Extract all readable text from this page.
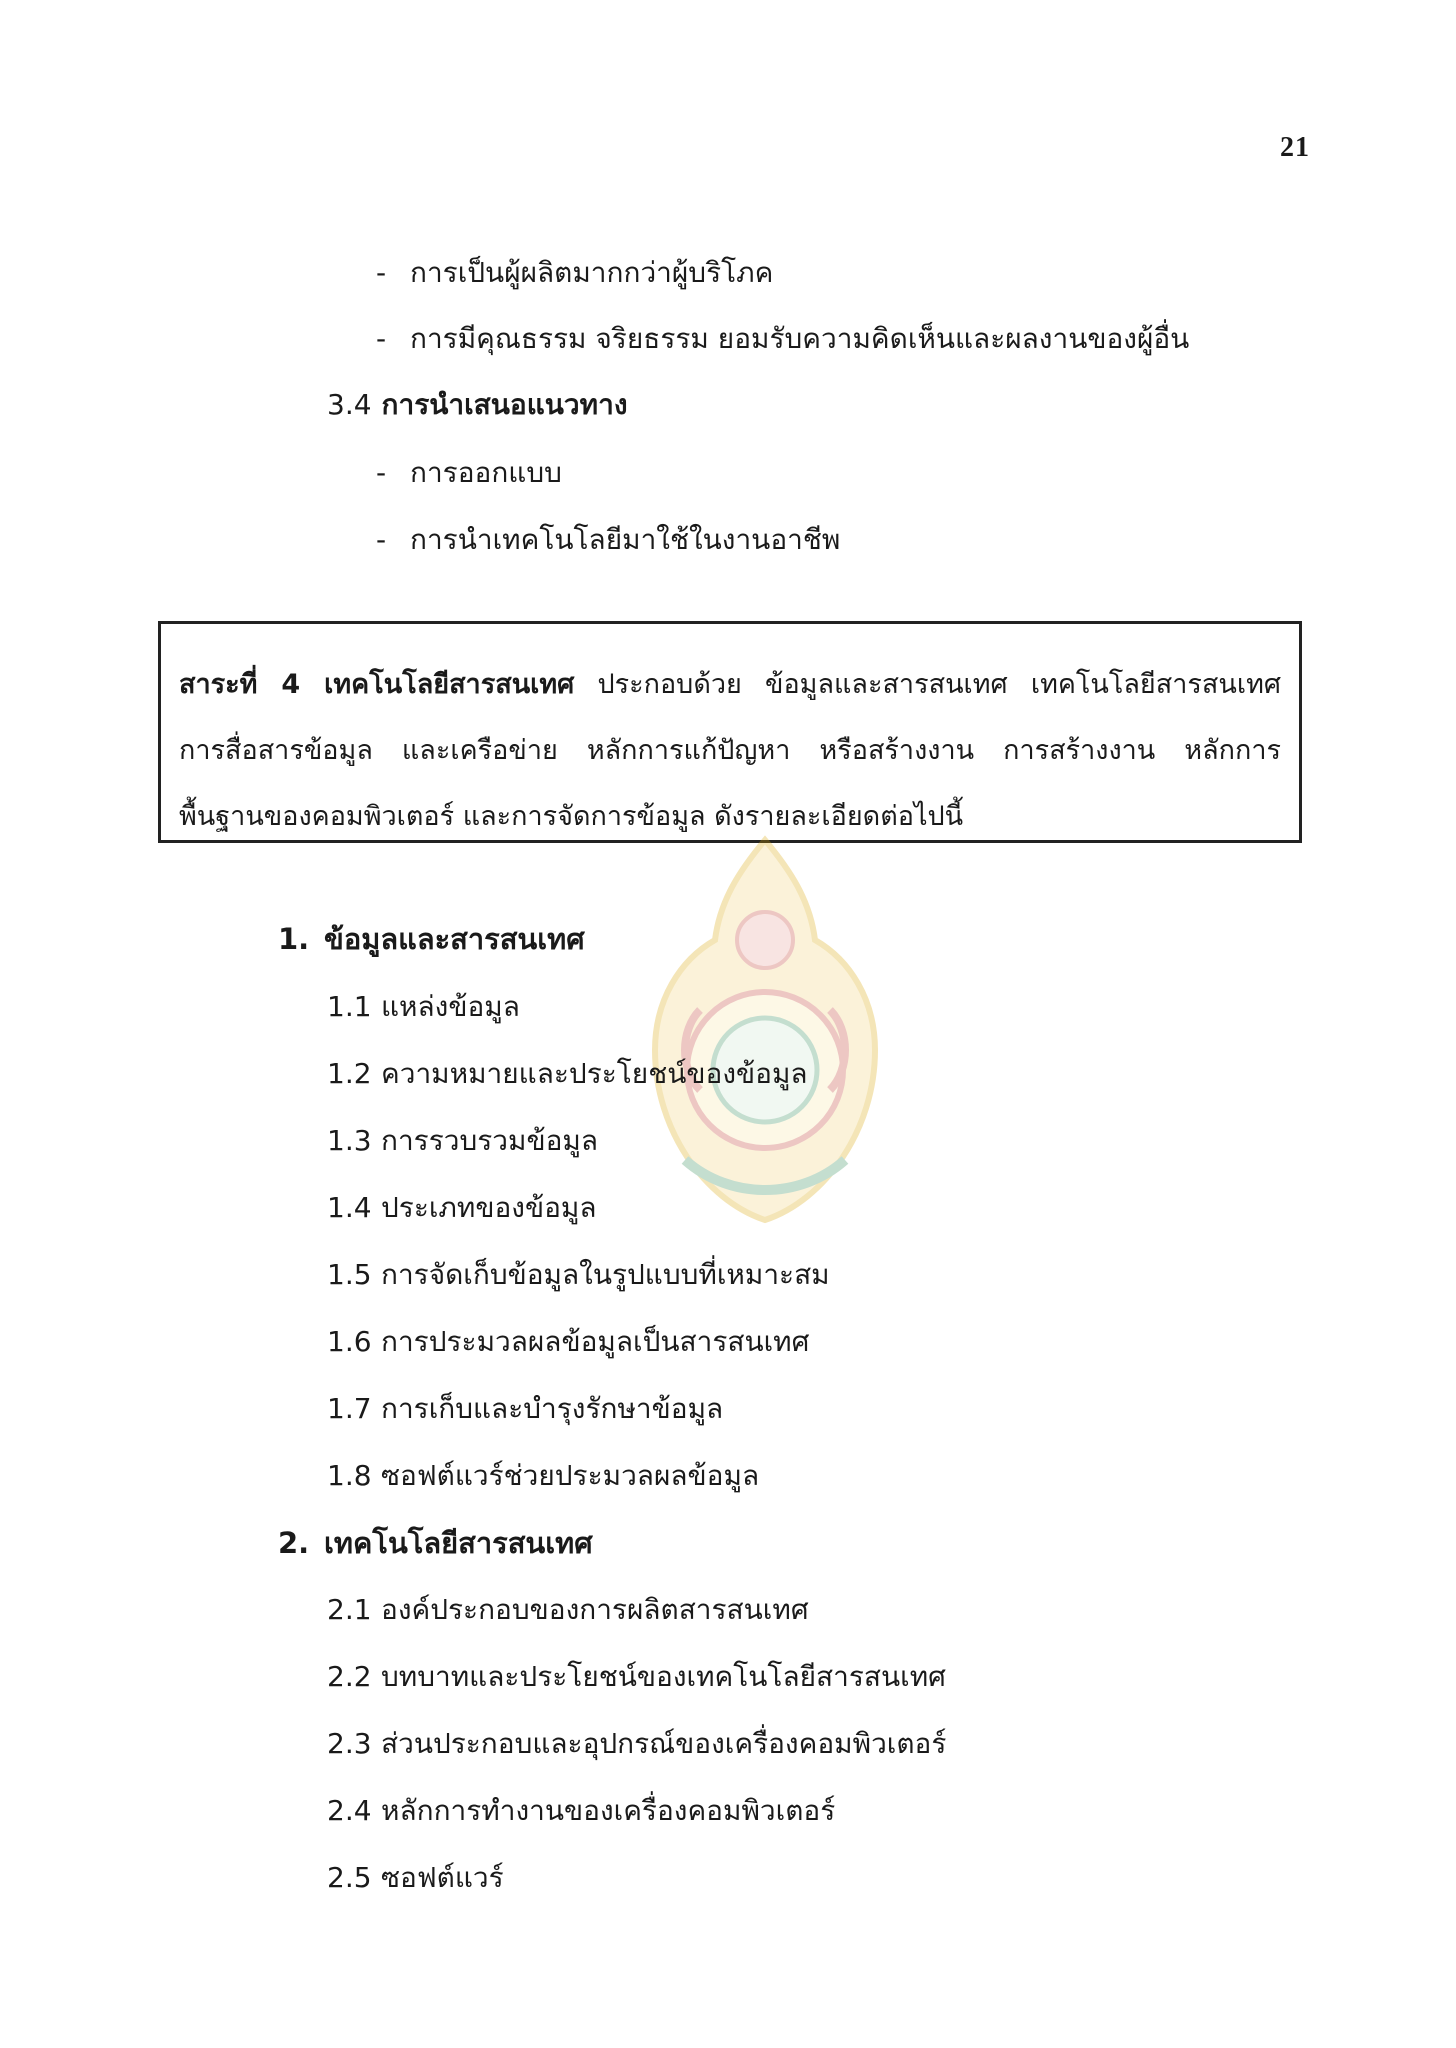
21
- การเป็นผู้ผลิตมากกว่าผู้บริโภค
- การมีคุณธรรม จริยธรรม ยอมรับความคิดเห็นและผลงานของผู้อื่น
3.4 การนำเสนอแนวทาง
- การออกแบบ
- การนำเทคโนโลยีมาใช้ในงานอาชีพ
สาระที่ 4 เทคโนโลยีสารสนเทศ ประกอบด้วย ข้อมูลและสารสนเทศ เทคโนโลยีสารสนเทศ
การสื่อสารข้อมูล และเครือข่าย หลักการแก้ปัญหา หรือสร้างงาน การสร้างงาน หลักการ
พื้นฐานของคอมพิวเตอร์ และการจัดการข้อมูล ดังรายละเอียดต่อไปนี้
1. ข้อมูลและสารสนเทศ
1.1 แหล่งข้อมูล
1.2 ความหมายและประโยชน์ของข้อมูล
1.3 การรวบรวมข้อมูล
1.4 ประเภทของข้อมูล
1.5 การจัดเก็บข้อมูลในรูปแบบที่เหมาะสม
1.6 การประมวลผลข้อมูลเป็นสารสนเทศ
1.7 การเก็บและบำรุงรักษาข้อมูล
1.8 ซอฟต์แวร์ช่วยประมวลผลข้อมูล
2. เทคโนโลยีสารสนเทศ
2.1 องค์ประกอบของการผลิตสารสนเทศ
2.2 บทบาทและประโยชน์ของเทคโนโลยีสารสนเทศ
2.3 ส่วนประกอบและอุปกรณ์ของเครื่องคอมพิวเตอร์
2.4 หลักการทำงานของเครื่องคอมพิวเตอร์
2.5 ซอฟต์แวร์
